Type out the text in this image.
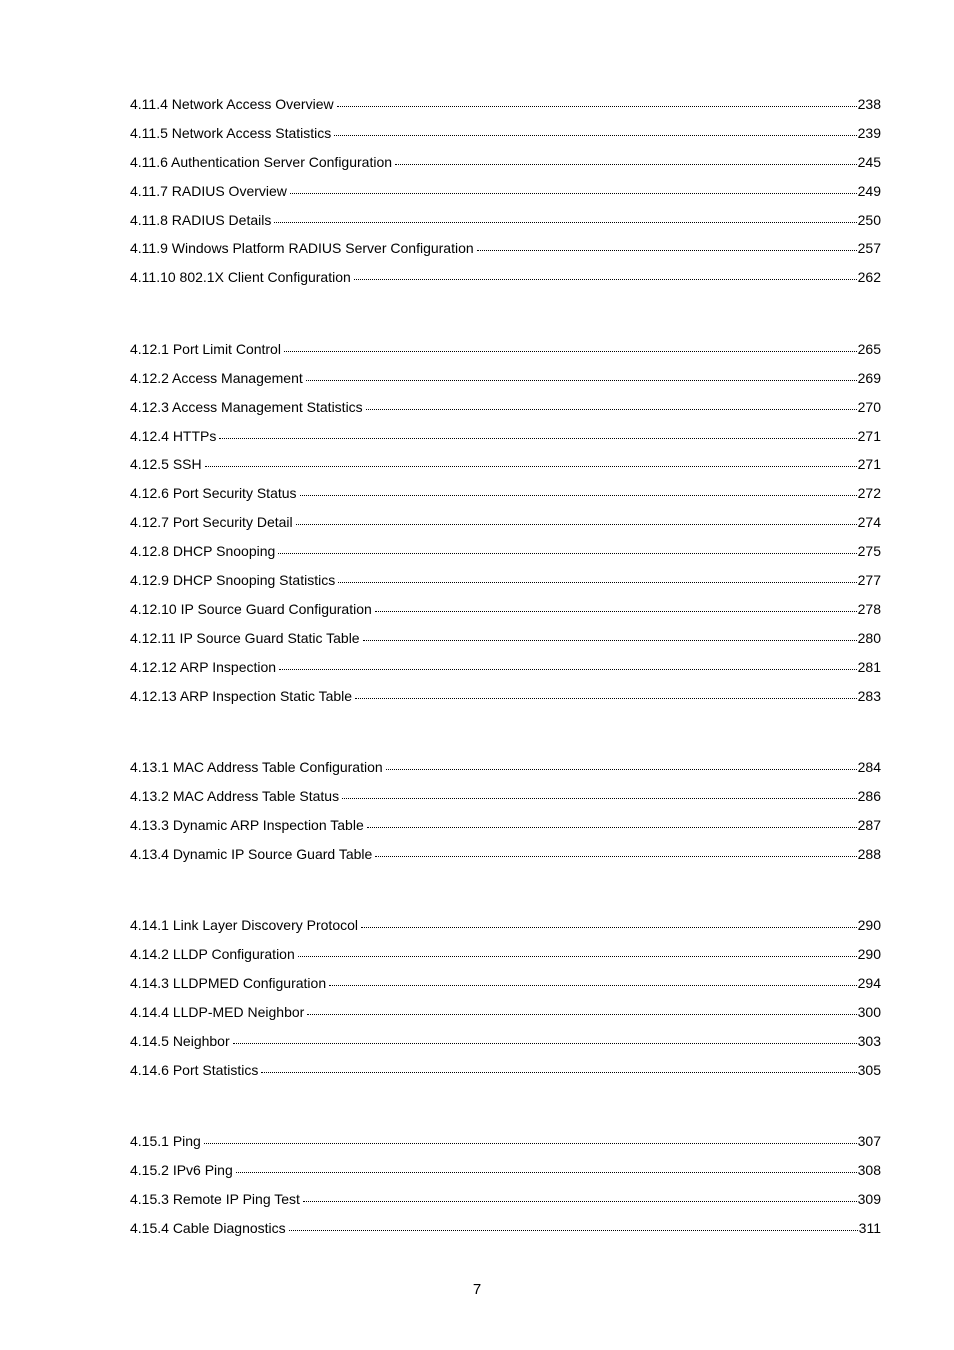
4.11.4 Network Access Overview	238
4.11.5 Network Access Statistics	239
4.11.6 Authentication Server Configuration	245
4.11.7 RADIUS Overview	249
4.11.8 RADIUS Details	250
4.11.9 Windows Platform RADIUS Server Configuration	257
4.11.10 802.1X Client Configuration	262
4.12.1 Port Limit Control	265
4.12.2 Access Management	269
4.12.3 Access Management Statistics	270
4.12.4 HTTPs	271
4.12.5 SSH	271
4.12.6 Port Security Status	272
4.12.7 Port Security Detail	274
4.12.8 DHCP Snooping	275
4.12.9 DHCP Snooping Statistics	277
4.12.10 IP Source Guard Configuration	278
4.12.11 IP Source Guard Static Table	280
4.12.12 ARP Inspection	281
4.12.13 ARP Inspection Static Table	283
4.13.1 MAC Address Table Configuration	284
4.13.2 MAC Address Table Status	286
4.13.3 Dynamic ARP Inspection Table	287
4.13.4 Dynamic IP Source Guard Table	288
4.14.1 Link Layer Discovery Protocol	290
4.14.2 LLDP Configuration	290
4.14.3 LLDPMED Configuration	294
4.14.4 LLDP-MED Neighbor	300
4.14.5 Neighbor	303
4.14.6 Port Statistics	305
4.15.1 Ping	307
4.15.2 IPv6 Ping	308
4.15.3 Remote IP Ping Test	309
4.15.4 Cable Diagnostics	311
7
